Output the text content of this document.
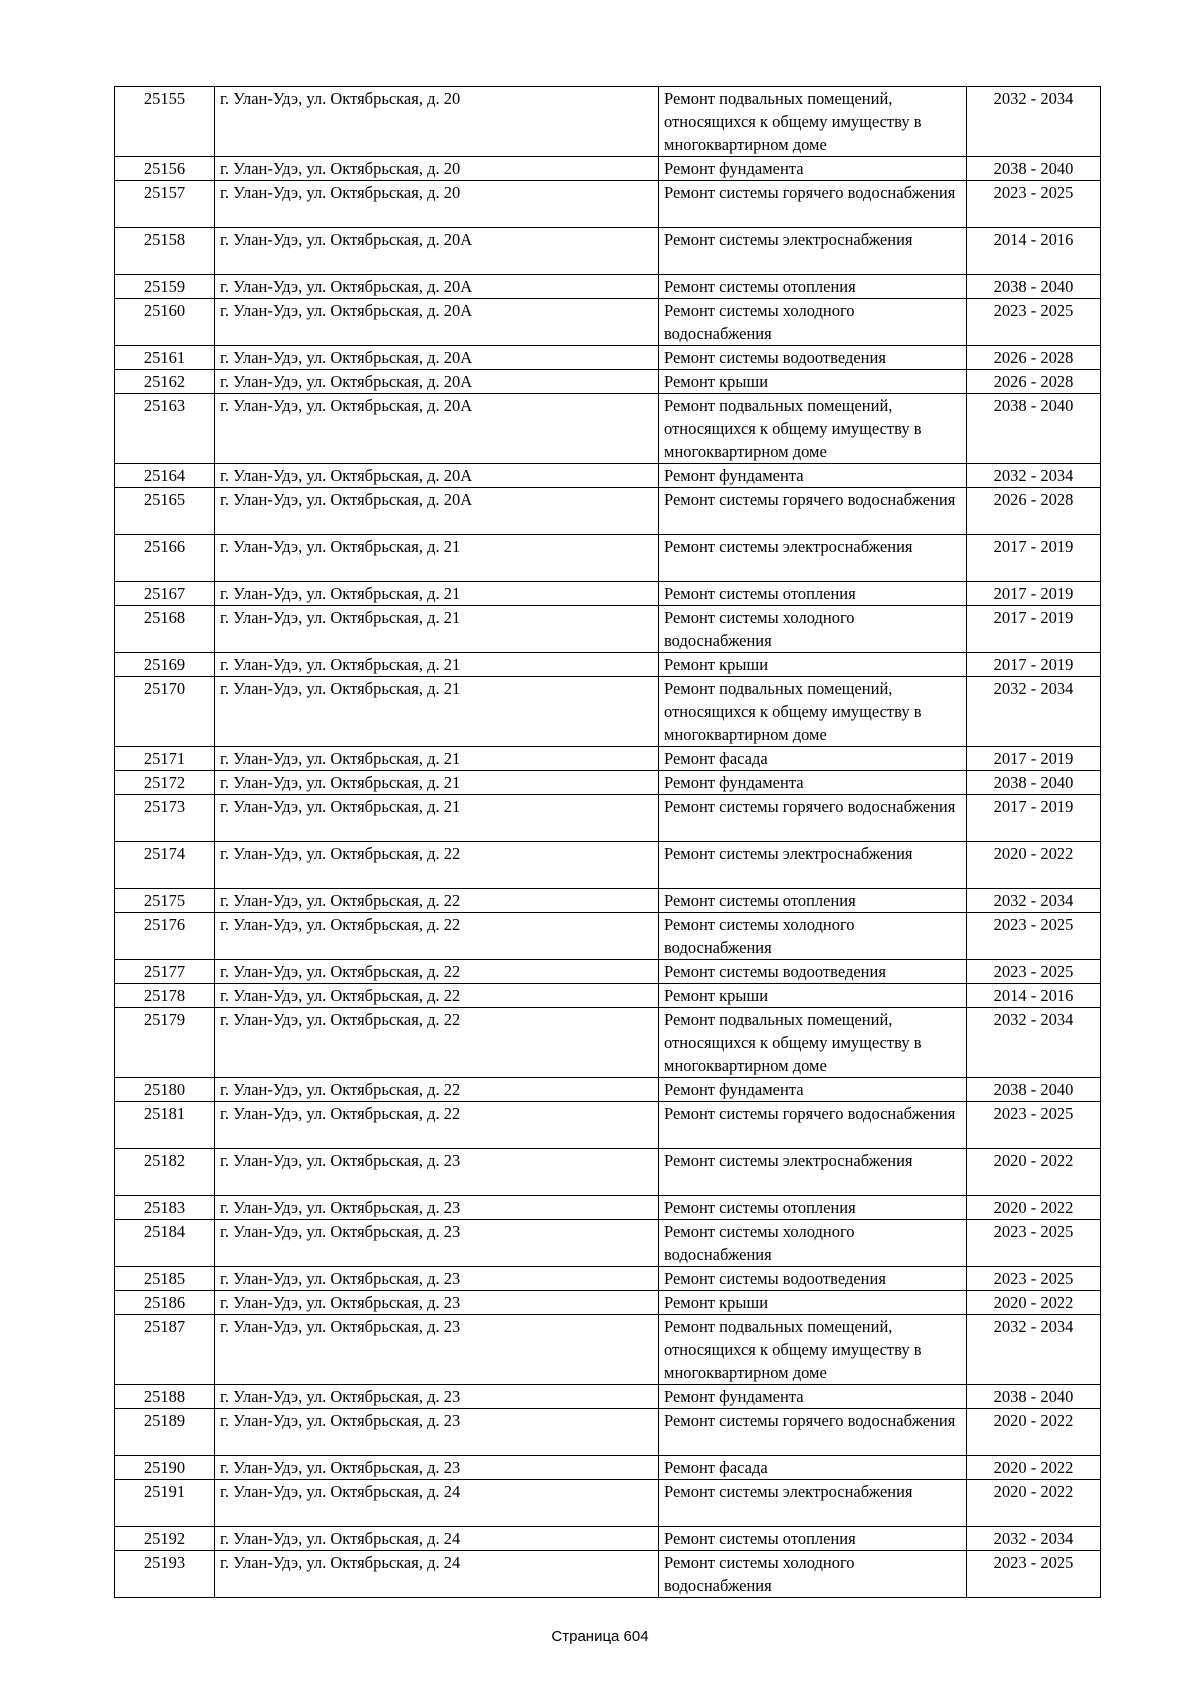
25155	г. Улан-Удэ, ул. Октябрьская, д. 20	Ремонт подвальных помещений, относящихся к общему имуществу в многоквартирном доме	2032 - 2034
25156	г. Улан-Удэ, ул. Октябрьская, д. 20	Ремонт фундамента	2038 - 2040
25157	г. Улан-Удэ, ул. Октябрьская, д. 20	Ремонт системы горячего водоснабжения	2023 - 2025
25158	г. Улан-Удэ, ул. Октябрьская, д. 20А	Ремонт системы электроснабжения	2014 - 2016
25159	г. Улан-Удэ, ул. Октябрьская, д. 20А	Ремонт системы отопления	2038 - 2040
25160	г. Улан-Удэ, ул. Октябрьская, д. 20А	Ремонт системы холодного водоснабжения	2023 - 2025
25161	г. Улан-Удэ, ул. Октябрьская, д. 20А	Ремонт системы водоотведения	2026 - 2028
25162	г. Улан-Удэ, ул. Октябрьская, д. 20А	Ремонт крыши	2026 - 2028
25163	г. Улан-Удэ, ул. Октябрьская, д. 20А	Ремонт подвальных помещений, относящихся к общему имуществу в многоквартирном доме	2038 - 2040
25164	г. Улан-Удэ, ул. Октябрьская, д. 20А	Ремонт фундамента	2032 - 2034
25165	г. Улан-Удэ, ул. Октябрьская, д. 20А	Ремонт системы горячего водоснабжения	2026 - 2028
25166	г. Улан-Удэ, ул. Октябрьская, д. 21	Ремонт системы электроснабжения	2017 - 2019
25167	г. Улан-Удэ, ул. Октябрьская, д. 21	Ремонт системы отопления	2017 - 2019
25168	г. Улан-Удэ, ул. Октябрьская, д. 21	Ремонт системы холодного водоснабжения	2017 - 2019
25169	г. Улан-Удэ, ул. Октябрьская, д. 21	Ремонт крыши	2017 - 2019
25170	г. Улан-Удэ, ул. Октябрьская, д. 21	Ремонт подвальных помещений, относящихся к общему имуществу в многоквартирном доме	2032 - 2034
25171	г. Улан-Удэ, ул. Октябрьская, д. 21	Ремонт фасада	2017 - 2019
25172	г. Улан-Удэ, ул. Октябрьская, д. 21	Ремонт фундамента	2038 - 2040
25173	г. Улан-Удэ, ул. Октябрьская, д. 21	Ремонт системы горячего водоснабжения	2017 - 2019
25174	г. Улан-Удэ, ул. Октябрьская, д. 22	Ремонт системы электроснабжения	2020 - 2022
25175	г. Улан-Удэ, ул. Октябрьская, д. 22	Ремонт системы отопления	2032 - 2034
25176	г. Улан-Удэ, ул. Октябрьская, д. 22	Ремонт системы холодного водоснабжения	2023 - 2025
25177	г. Улан-Удэ, ул. Октябрьская, д. 22	Ремонт системы водоотведения	2023 - 2025
25178	г. Улан-Удэ, ул. Октябрьская, д. 22	Ремонт крыши	2014 - 2016
25179	г. Улан-Удэ, ул. Октябрьская, д. 22	Ремонт подвальных помещений, относящихся к общему имуществу в многоквартирном доме	2032 - 2034
25180	г. Улан-Удэ, ул. Октябрьская, д. 22	Ремонт фундамента	2038 - 2040
25181	г. Улан-Удэ, ул. Октябрьская, д. 22	Ремонт системы горячего водоснабжения	2023 - 2025
25182	г. Улан-Удэ, ул. Октябрьская, д. 23	Ремонт системы электроснабжения	2020 - 2022
25183	г. Улан-Удэ, ул. Октябрьская, д. 23	Ремонт системы отопления	2020 - 2022
25184	г. Улан-Удэ, ул. Октябрьская, д. 23	Ремонт системы холодного водоснабжения	2023 - 2025
25185	г. Улан-Удэ, ул. Октябрьская, д. 23	Ремонт системы водоотведения	2023 - 2025
25186	г. Улан-Удэ, ул. Октябрьская, д. 23	Ремонт крыши	2020 - 2022
25187	г. Улан-Удэ, ул. Октябрьская, д. 23	Ремонт подвальных помещений, относящихся к общему имуществу в многоквартирном доме	2032 - 2034
25188	г. Улан-Удэ, ул. Октябрьская, д. 23	Ремонт фундамента	2038 - 2040
25189	г. Улан-Удэ, ул. Октябрьская, д. 23	Ремонт системы горячего водоснабжения	2020 - 2022
25190	г. Улан-Удэ, ул. Октябрьская, д. 23	Ремонт фасада	2020 - 2022
25191	г. Улан-Удэ, ул. Октябрьская, д. 24	Ремонт системы электроснабжения	2020 - 2022
25192	г. Улан-Удэ, ул. Октябрьская, д. 24	Ремонт системы отопления	2032 - 2034
25193	г. Улан-Удэ, ул. Октябрьская, д. 24	Ремонт системы холодного водоснабжения	2023 - 2025
Страница 604
